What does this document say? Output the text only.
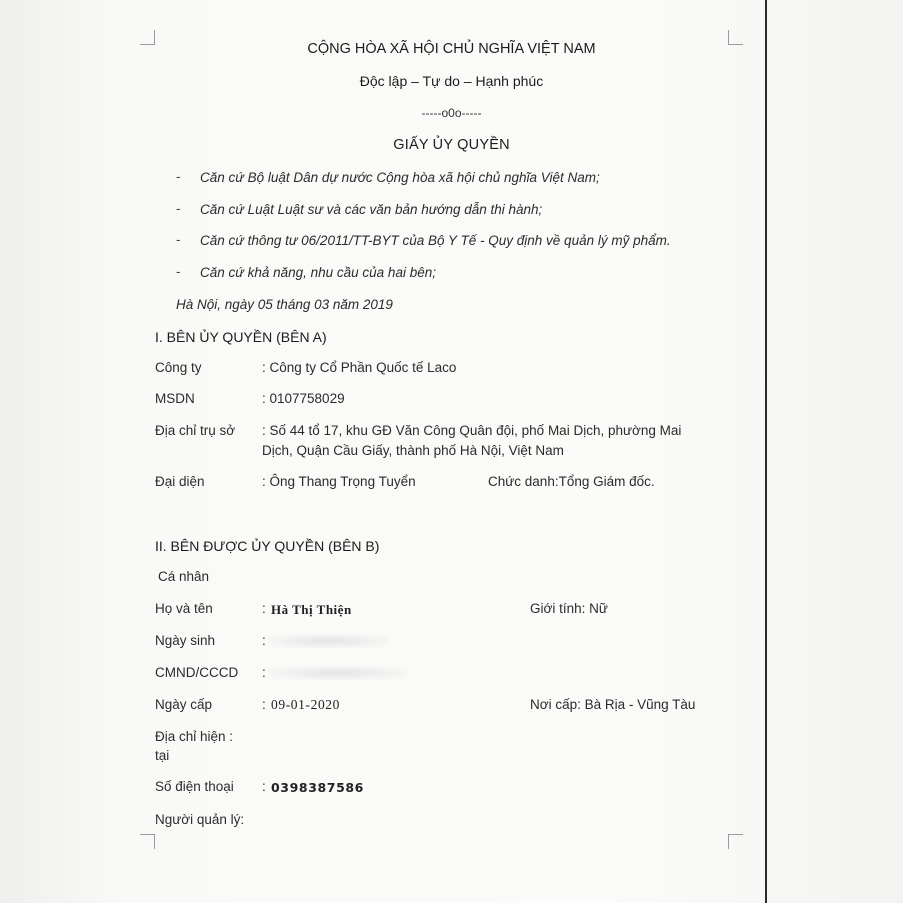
CỘNG HÒA XÃ HỘI CHỦ NGHĨA VIỆT NAM
Độc lập – Tự do – Hạnh phúc
-----o0o-----
GIẤY ỦY QUYỀN
- Căn cứ Bộ luật Dân dự nước Cộng hòa xã hội chủ nghĩa Việt Nam;
- Căn cứ Luật Luật sư và các văn bản hướng dẫn thi hành;
- Căn cứ thông tư 06/2011/TT-BYT của Bộ Y Tế - Quy định về quản lý mỹ phẩm.
- Căn cứ khả năng, nhu cầu của hai bên;
Hà Nội, ngày 05 tháng 03 năm 2019
I. BÊN ỦY QUYỀN (BÊN A)
Công ty	: Công ty Cổ Phần Quốc tế Laco
MSDN	: 0107758029
Địa chỉ trụ sở : Số 44 tổ 17, khu GĐ Văn Công Quân đội, phố Mai Dịch, phường Mai
Dịch, Quận Cầu Giấy, thành phố Hà Nội, Việt Nam
Đại diện	: Ông Thang Trọng Tuyển	Chức danh:Tổng Giám đốc.
II. BÊN ĐƯỢC ỦY QUYỀN (BÊN B)
Cá nhân
Họ và tên	: Hà Thị Thiện	Giới tính: Nữ
Ngày sinh	:
CMND/CCCD :
Ngày cấp	: 09-01-2020	Nơi cấp: Bà Rịa - Vũng Tàu
Địa chỉ hiện :
tại
Số điện thoại : 0398387586
Người quản lý:
